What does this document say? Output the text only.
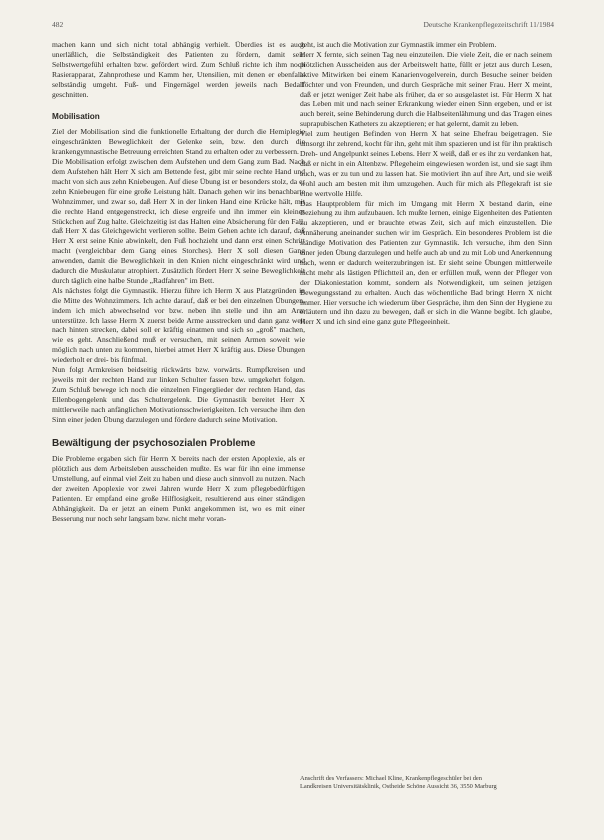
482	Deutsche Krankenpflegezeitschrift 11/1984

machen kann und sich nicht total abhängig verhielt. Überdies ist es auch unerläßlich, die Selbständigkeit des Patienten zu fördern, damit sein Selbstwertgefühl erhalten bzw. gefördert wird. Zum Schluß richte ich ihm noch Rasierapparat, Zahnprothese und Kamm her, Utensilien, mit denen er ebenfalls selbständig umgeht. Fuß- und Fingernägel werden jeweils nach Bedarf geschnitten.

Mobilisation

Ziel der Mobilisation sind die funktionelle Erhaltung der durch die Hemiplegie eingeschränkten Beweglichkeit der Gelenke sein, bzw. den durch die krankengymnastische Betreuung erreichten Stand zu erhalten oder zu verbessern.

Die Mobilisation erfolgt zwischen dem Aufstehen und dem Gang zum Bad. Nach dem Aufstehen hält Herr X sich am Bettende fest, gibt mir seine rechte Hand und macht von sich aus zehn Kniebeugen. Auf diese Übung ist er besonders stolz, da er zehn Kniebeugen für eine große Leistung hält. Danach gehen wir ins benachbarte Wohnzimmer, und zwar so, daß Herr X in der linken Hand eine Krücke hält, mit die rechte Hand entgegenstreckt, ich diese ergreife und ihn immer ein kleines Stückchen auf Zug halte. Gleichzeitig ist das Halten eine Absicherung für den Fall, daß Herr X das Gleichgewicht verlieren sollte. Beim Gehen achte ich darauf, daß Herr X erst seine Knie abwinkelt, den Fuß hochzieht und dann erst einen Schritt macht (vergleichbar dem Gang eines Storches). Herr X soll diesen Gang anwenden, damit die Beweglichkeit in den Knien nicht eingeschränkt wird und dadurch die Muskulatur atrophiert. Zusätzlich fördert Herr X seine Beweglichkeit durch täglich eine halbe Stunde „Radfahren" im Bett.

Als nächstes folgt die Gymnastik. Hierzu führe ich Herrn X aus Platzgründen in die Mitte des Wohnzimmers. Ich achte darauf, daß er bei den einzelnen Übungen, indem ich mich abwechselnd vor bzw. neben ihn stelle und ihn am Arm unterstütze. Ich lasse Herrn X zuerst beide Arme ausstrecken und dann ganz weit nach hinten strecken, dabei soll er kräftig einatmen und sich so „groß" machen, wie es geht. Anschließend muß er versuchen, mit seinen Armen soweit wie möglich nach unten zu kommen, hierbei atmet Herr X kräftig aus. Diese Übungen wiederholt er drei- bis fünfmal.

Nun folgt Armkreisen beidseitig rückwärts bzw. vorwärts. Rumpfkreisen und jeweils mit der rechten Hand zur linken Schulter fassen bzw. umgekehrt folgen. Zum Schluß bewege ich noch die einzelnen Fingerglieder der rechten Hand, das Ellenbogengelenk und das Schultergelenk. Die Gymnastik bereitet Herr X mittlerweile nach anfänglichen Motivationsschwierigkeiten. Ich versuche ihm den Sinn einer jeden Übung darzulegen und fördere dadurch seine Motivation.

Bewältigung der psychosozialen Probleme

Die Probleme ergaben sich für Herrn X bereits nach der ersten Apoplexie, als er plötzlich aus dem Arbeitsleben ausscheiden mußte. Es war für ihn eine immense Umstellung, auf einmal viel Zeit zu haben und diese auch sinnvoll zu nutzen. Nach der zweiten Apoplexie vor zwei Jahren wurde Herr X zum pflegebedürftigen Patienten. Er empfand eine große Hilflosigkeit, resultierend aus einer ständigen Abhängigkeit. Da er jetzt an einem Punkt angekommen ist, wo es mit einer Besserung nur noch sehr langsam bzw. nicht mehr voran-

geht, ist auch die Motivation zur Gymnastik immer ein Problem.

Herr X fernte, sich seinen Tag neu einzuteilen. Die viele Zeit, die er nach seinem plötzlichen Ausscheiden aus der Arbeitswelt hatte, füllt er jetzt aus durch Lesen, aktive Mitwirken bei einem Kanarienvogelverein, durch Besuche seiner beiden Töchter und von Freunden, und durch Gespräche mit seiner Frau. Herr X meint, daß er jetzt weniger Zeit habe als früher, da er so ausgelastet ist. Für Herrn X hat das Leben mit und nach seiner Erkrankung wieder einen Sinn ergeben, und er ist auch bereit, seine Behinderung durch die Halbseitenlähmung und das Tragen eines suprapubischen Katheters zu akzeptieren; er hat gelernt, damit zu leben.

Viel zum heutigen Befinden von Herrn X hat seine Ehefrau beigetragen. Sie umsorgt ihr zehrend, kocht für ihn, geht mit ihm spazieren und ist für ihn praktisch Dreh- und Angelpunkt seines Lebens. Herr X weiß, daß er es ihr zu verdanken hat, daß er nicht in ein Altenbzw. Pflegeheim eingewiesen worden ist, und sie sagt ihm auch, was er zu tun und zu lassen hat. Sie motiviert ihn auf ihre Art, und sie weiß wohl auch am besten mit ihm umzugehen. Auch für mich als Pflegekraft ist sie eine wertvolle Hilfe.

Das Hauptproblem für mich im Umgang mit Herrn X bestand darin, eine Beziehung zu ihm aufzubauen. Ich mußte lernen, einige Eigenheiten des Patienten zu akzeptieren, und er brauchte etwas Zeit, sich auf mich einzustellen. Die Annäherung aneinander suchen wir im Gespräch. Ein besonderes Problem ist die ständige Motivation des Patienten zur Gymnastik. Ich versuche, ihm den Sinn einer jeden Übung darzulegen und helfe auch ab und zu mit Lob und Anerkennung nach, wenn er dadurch weiterzubringen ist. Er sieht seine Übungen mittlerweile nicht mehr als lästigen Pflichtteil an, den er erfüllen muß, wenn der Pfleger von der Diakoniestation kommt, sondern als Notwendigkeit, um seinen jetzigen Bewegungsstand zu erhalten. Auch das wöchentliche Bad bringt Herrn X nicht immer. Hier versuche ich wiederum über Gespräche, ihm den Sinn der Hygiene zu erläutern und ihn dazu zu bewegen, daß er sich in die Wanne begibt. Ich glaube, Herr X und ich sind eine ganz gute Pflegeeinheit.

Anschrift des Verfassers: Michael Kline, Krankenpflegeschüler bei den Landkreisen Universitätsklinik, Ostheide Schöne Aussicht 36, 3550 Marburg
